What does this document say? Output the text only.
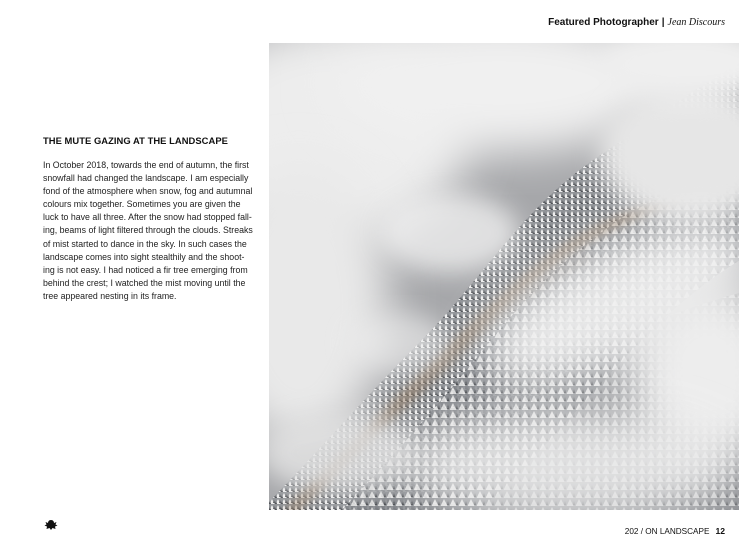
Featured Photographer | Jean Discours
THE MUTE GAZING AT THE LANDSCAPE

In October 2018, towards the end of autumn, the first
snowfall had changed the landscape. I am especially
fond of the atmosphere when snow, fog and autumnal
colours mix together. Sometimes you are given the
luck to have all three. After the snow had stopped fall-
ing, beams of light filtered through the clouds. Streaks
of mist started to dance in the sky. In such cases the
landscape comes into sight stealthily and the shoot-
ing is not easy. I had noticed a fir tree emerging from
behind the crest; I watched the mist moving until the
tree appeared nesting in its frame.

202 / ON LANDSCAPE 12
